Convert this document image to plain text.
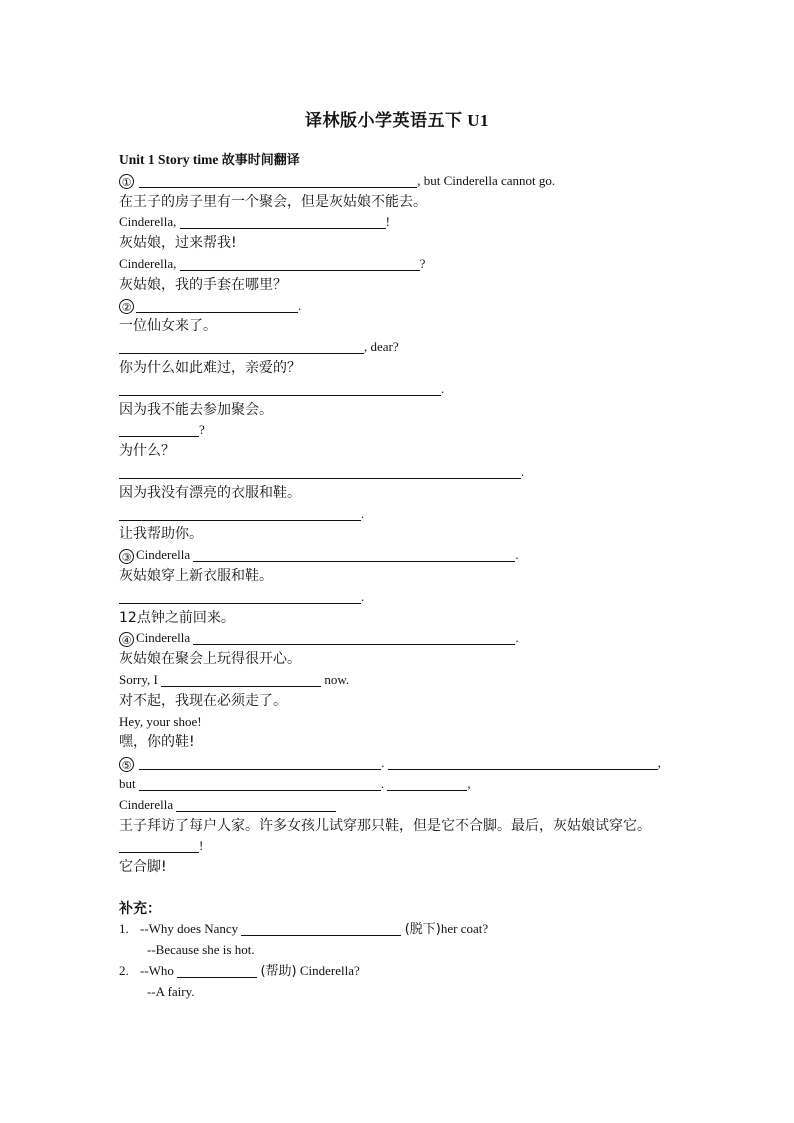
译林版小学英语五下 U1
Unit 1 Story time 故事时间翻译
①	, but Cinderella cannot go.
在王子的房子里有一个聚会，但是灰姑娘不能去。
Cinderella,	!
灰姑娘，过来帮我!
Cinderella,	?
灰姑娘，我的手套在哪里？
②	.
一位仙女来了。
, dear?
你为什么如此难过，亲爱的？
.
因为我不能去参加聚会。
?
为什么？
.
因为我没有漂亮的衣服和鞋。
.
让我帮助你。
③ Cinderella	.
灰姑娘穿上新衣服和鞋。
.
12点钟之前回来。
④ Cinderella	.
灰姑娘在聚会上玩得很开心。
Sorry, I	now.
对不起，我现在必须走了。
Hey, your shoe!
嘿，你的鞋!
⑤	.	,
but	.	,
Cinderella
王子拜访了每户人家。许多女孩儿试穿那只鞋，但是它不合脚。最后，灰姑娘试穿它。
!
它合脚!
补充：
1. --Why does Nancy	(脱下)her coat?
--Because she is hot.
2. --Who	(帮助) Cinderella?
--A fairy.
